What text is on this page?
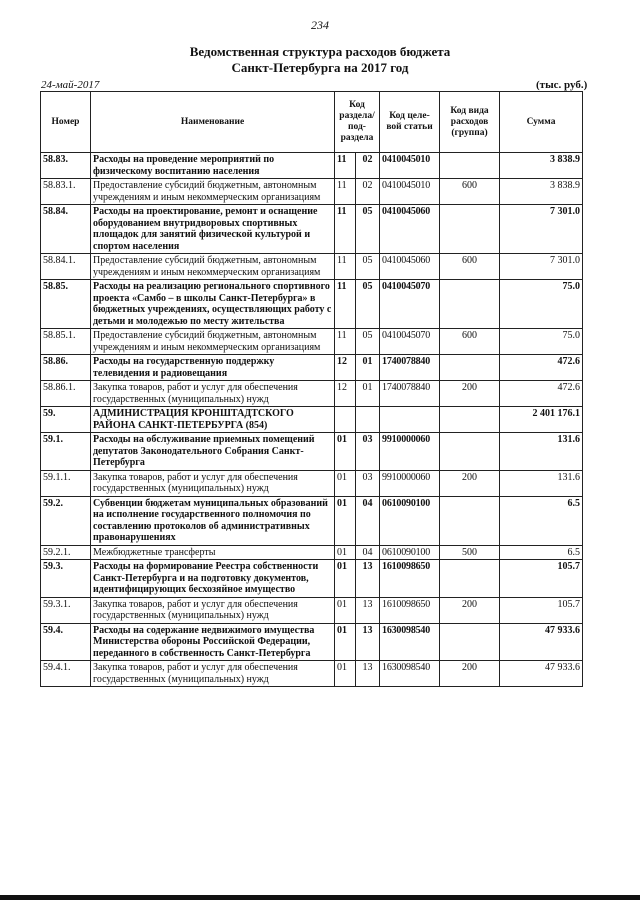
234
Ведомственная структура расходов бюджета
Санкт-Петербурга на 2017 год
24-май-2017	(тыс. руб.)
Номер	Наименование	Код раздела/ под-раздела		Код целе-вой статьи	Код вида расходов (группа)	Сумма
58.83.	Расходы на проведение мероприятий по физическому воспитанию населения	11	02	0410045010		3 838.9
58.83.1.	Предоставление субсидий бюджетным, автономным учреждениям и иным некоммерческим организациям	11	02	0410045010	600	3 838.9
58.84.	Расходы на проектирование, ремонт и оснащение оборудованием внутридворовых спортивных площадок для занятий физической культурой и спортом населения	11	05	0410045060		7 301.0
58.84.1.	Предоставление субсидий бюджетным, автономным учреждениям и иным некоммерческим организациям	11	05	0410045060	600	7 301.0
58.85.	Расходы на реализацию регионального спортивного проекта «Самбо – в школы Санкт-Петербурга» в бюджетных учреждениях, осуществляющих работу с детьми и молодежью по месту жительства	11	05	0410045070		75.0
58.85.1.	Предоставление субсидий бюджетным, автономным учреждениям и иным некоммерческим организациям	11	05	0410045070	600	75.0
58.86.	Расходы на государственную поддержку телевидения и радиовещания	12	01	1740078840		472.6
58.86.1.	Закупка товаров, работ и услуг для обеспечения государственных (муниципальных) нужд	12	01	1740078840	200	472.6
59.	АДМИНИСТРАЦИЯ КРОНШТАДТСКОГО РАЙОНА САНКТ-ПЕТЕРБУРГА (854)					2 401 176.1
59.1.	Расходы на обслуживание приемных помещений депутатов Законодательного Собрания Санкт-Петербурга	01	03	9910000060		131.6
59.1.1.	Закупка товаров, работ и услуг для обеспечения государственных (муниципальных) нужд	01	03	9910000060	200	131.6
59.2.	Субвенции бюджетам муниципальных образований на исполнение государственного полномочия по составлению протоколов об административных правонарушениях	01	04	0610090100		6.5
59.2.1.	Межбюджетные трансферты	01	04	0610090100	500	6.5
59.3.	Расходы на формирование Реестра собственности Санкт-Петербурга и на подготовку документов, идентифицирующих бесхозяйное имущество	01	13	1610098650		105.7
59.3.1.	Закупка товаров, работ и услуг для обеспечения государственных (муниципальных) нужд	01	13	1610098650	200	105.7
59.4.	Расходы на содержание недвижимого имущества Министерства обороны Российской Федерации, переданного в собственность Санкт-Петербурга	01	13	1630098540		47 933.6
59.4.1.	Закупка товаров, работ и услуг для обеспечения государственных (муниципальных) нужд	01	13	1630098540	200	47 933.6
